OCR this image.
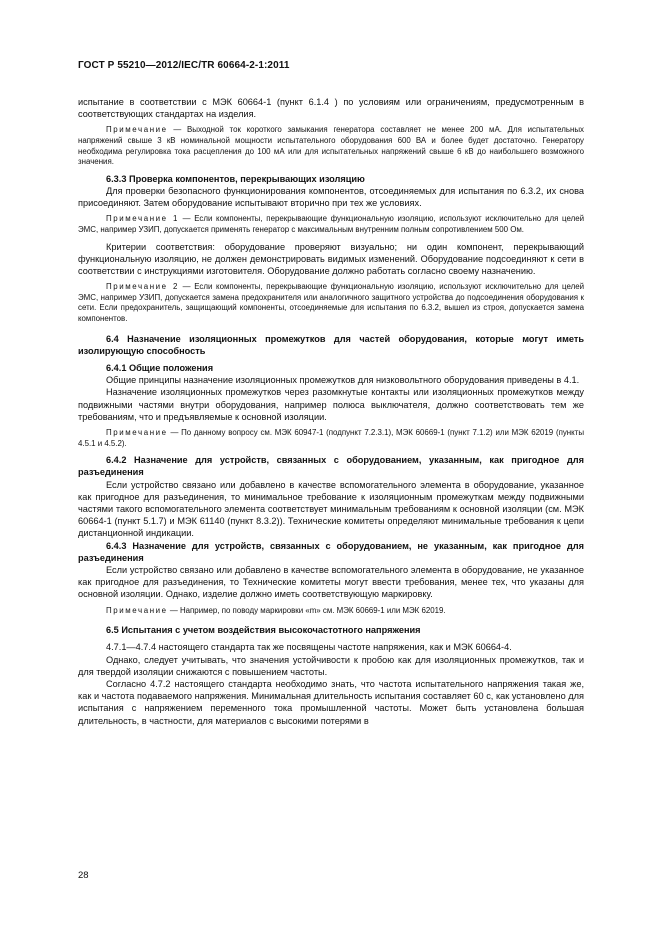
ГОСТ Р 55210—2012/IEC/TR 60664-2-1:2011

испытание в соответствии с МЭК 60664-1 (пункт 6.1.4 ) по условиям или ограничениям, предусмотренным в соответствующих стандартах на изделия.

Примечание — Выходной ток короткого замыкания генератора составляет не менее 200 мА. Для испытательных напряжений свыше 3 кВ номинальной мощности испытательного оборудования 600 ВА и более будет достаточно. Генератору необходима регулировка тока расцепления до 100 мА или для испытательных напряжений свыше 6 кВ до наибольшего возможного значения.

6.3.3 Проверка компонентов, перекрывающих изоляцию

Для проверки безопасного функционирования компонентов, отсоединяемых для испытания по 6.3.2, их снова присоединяют. Затем оборудование испытывают вторично при тех же условиях.

Примечание 1 — Если компоненты, перекрывающие функциональную изоляцию, используют исключительно для целей ЭМС, например УЗИП, допускается применять генератор с максимальным внутренним полным сопротивлением 500 Ом.

Критерии соответствия: оборудование проверяют визуально; ни один компонент, перекрывающий функциональную изоляцию, не должен демонстрировать видимых изменений. Оборудование подсоединяют к сети в соответствии с инструкциями изготовителя. Оборудование должно работать согласно своему назначению.

Примечание 2 — Если компоненты, перекрывающие функциональную изоляцию, используют исключительно для целей ЭМС, например УЗИП, допускается замена предохранителя или аналогичного защитного устройства до подсоединения оборудования к сети. Если предохранитель, защищающий компоненты, отсоединяемые для испытания по 6.3.2, вышел из строя, допускается замена компонентов.

6.4 Назначение изоляционных промежутков для частей оборудования, которые могут иметь изолирующую способность
6.4.1 Общие положения

Общие принципы назначение изоляционных промежутков для низковольтного оборудования приведены в 4.1.

Назначение изоляционных промежутков через разомкнутые контакты или изоляционных промежутков между подвижными частями внутри оборудования, например полюса выключателя, должно соответствовать тем же требованиям, что и предъявляемые к основной изоляции.

Примечание — По данному вопросу см. МЭК 60947-1 (подпункт 7.2.3.1), МЭК 60669-1 (пункт 7.1.2) или МЭК 62019 (пункты 4.5.1 и 4.5.2).

6.4.2 Назначение для устройств, связанных с оборудованием, указанным, как пригодное для разъединения

Если устройство связано или добавлено в качестве вспомогательного элемента в оборудование, указанное как пригодное для разъединения, то минимальное требование к изоляционным промежуткам между подвижными частями такого вспомогательного элемента соответствует минимальным требованиям к основной изоляции (см. МЭК 60664-1 (пункт 5.1.7) и МЭК 61140 (пункт 8.3.2)). Технические комитеты определяют минимальные требования к цепи дистанционной индикации.

6.4.3 Назначение для устройств, связанных с оборудованием, не указанным, как пригодное для разъединения

Если устройство связано или добавлено в качестве вспомогательного элемента в оборудование, не указанное как пригодное для разъединения, то Технические комитеты могут ввести требования, менее тех, что указаны для основной изоляции. Однако, изделие должно иметь соответствующую маркировку.

Примечание — Например, по поводу маркировки «m» см. МЭК 60669-1 или МЭК 62019.

6.5 Испытания с учетом воздействия высокочастотного напряжения

4.7.1—4.7.4 настоящего стандарта так же посвящены частоте напряжения, как и МЭК 60664-4.

Однако, следует учитывать, что значения устойчивости к пробою как для изоляционных промежутков, так и для твердой изоляции снижаются с повышением частоты.

Согласно 4.7.2 настоящего стандарта необходимо знать, что частота испытательного напряжения такая же, как и частота подаваемого напряжения. Минимальная длительность испытания составляет 60 с, как установлено для испытания с напряжением переменного тока промышленной частоты. Может быть установлена большая длительность, в частности, для материалов с высокими потерями в

28
